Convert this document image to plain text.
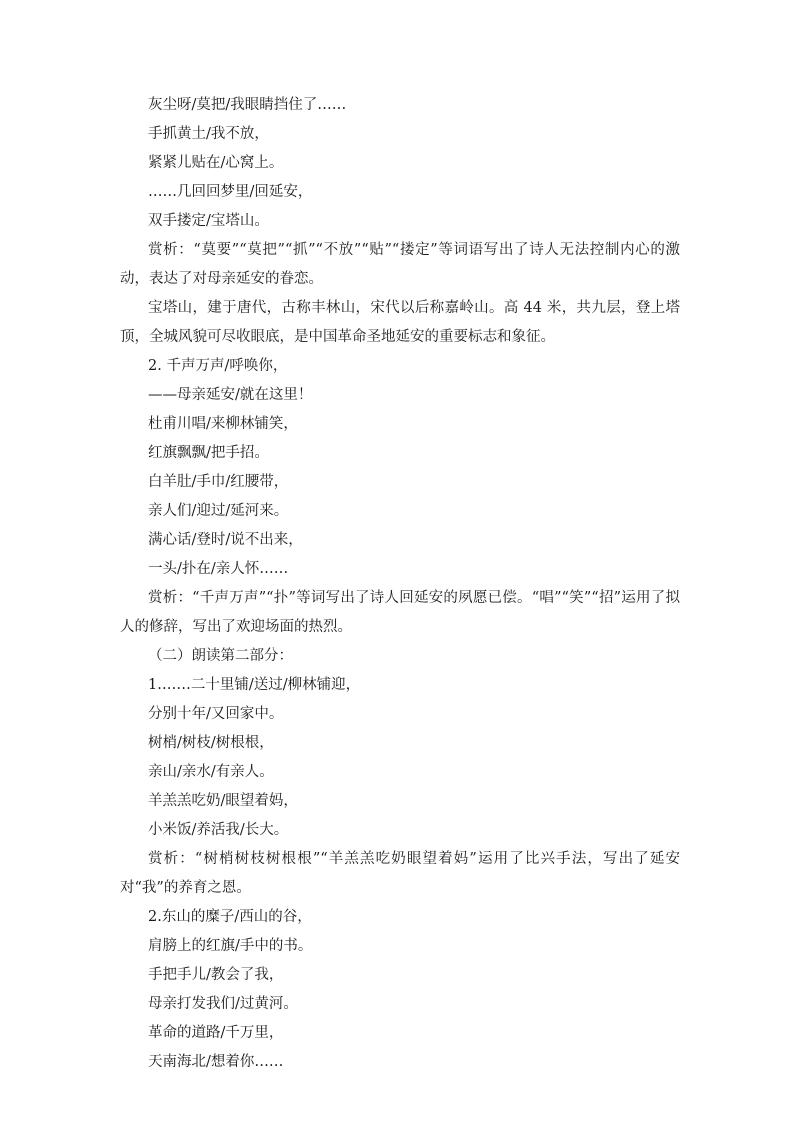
灰尘呀/莫把/我眼睛挡住了……
手抓黄土/我不放，
紧紧儿贴在/心窝上。
……几回回梦里/回延安，
双手搂定/宝塔山。
赏析：“莫要”“莫把”“抓”“不放”“贴”“搂定”等词语写出了诗人无法控制内心的激动，表达了对母亲延安的眷恋。
宝塔山，建于唐代，古称丰林山，宋代以后称嘉岭山。高 44 米，共九层，登上塔顶，全城风貌可尽收眼底，是中国革命圣地延安的重要标志和象征。
2. 千声万声/呼唤你，
——母亲延安/就在这里！
杜甫川唱/来柳林铺笑，
红旗飘飘/把手招。
白羊肚/手巾/红腰带，
亲人们/迎过/延河来。
满心话/登时/说不出来，
一头/扑在/亲人怀……
赏析：“千声万声”“扑”等词写出了诗人回延安的夙愿已偿。“唱”“笑”“招”运用了拟人的修辞，写出了欢迎场面的热烈。
（二）朗读第二部分：
1.……二十里铺/送过/柳林铺迎，
分别十年/又回家中。
树梢/树枝/树根根，
亲山/亲水/有亲人。
羊羔羔吃奶/眼望着妈，
小米饭/养活我/长大。
赏析：“树梢树枝树根根”“羊羔羔吃奶眼望着妈”运用了比兴手法，写出了延安对“我”的养育之恩。
2.东山的糜子/西山的谷，
肩膀上的红旗/手中的书。
手把手儿/教会了我，
母亲打发我们/过黄河。
革命的道路/千万里，
天南海北/想着你……
